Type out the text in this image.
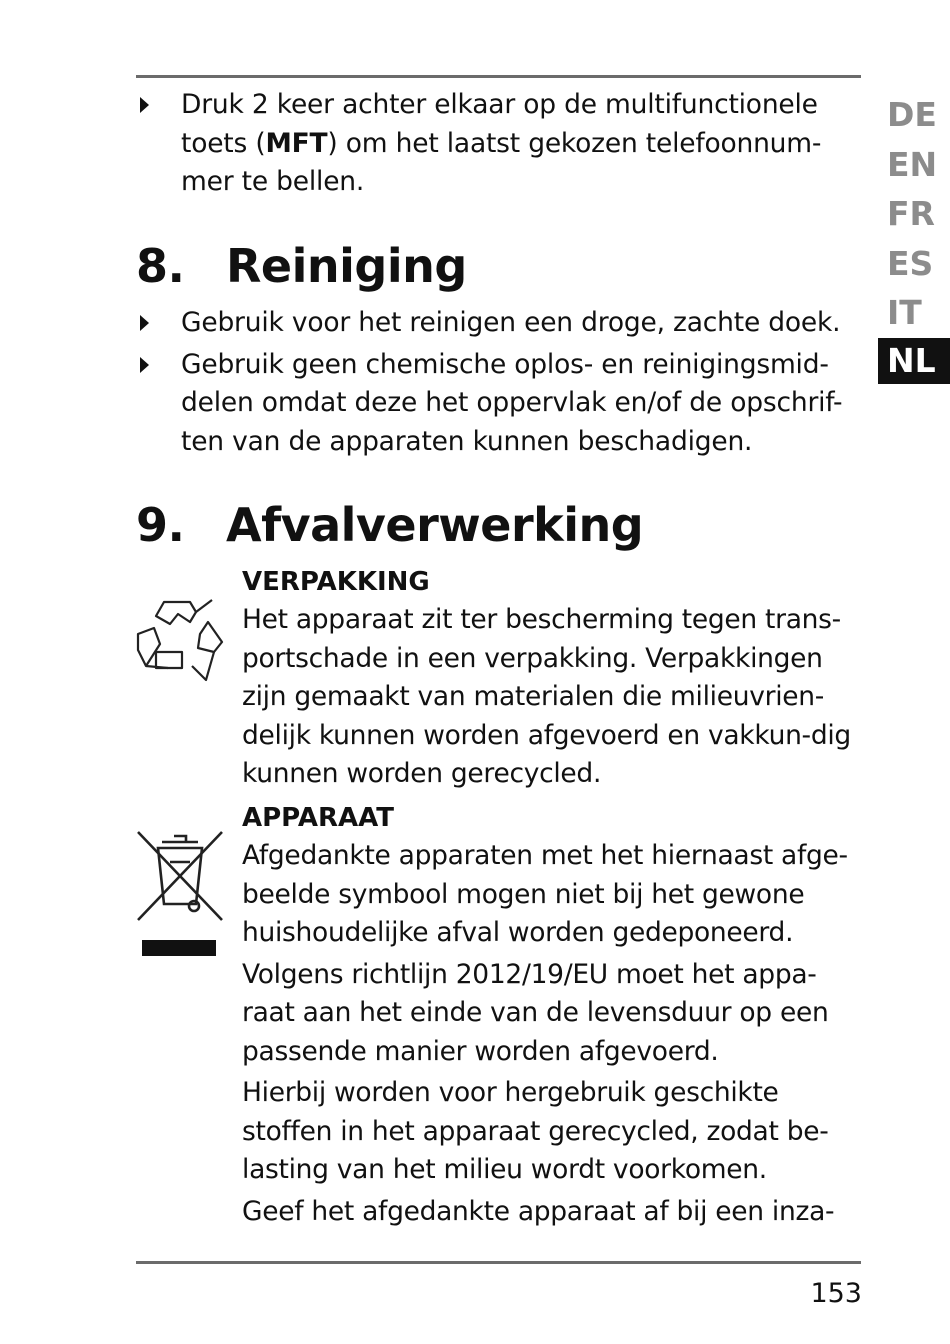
Druk 2 keer achter elkaar op de multifunctionele toets (MFT) om het laatst gekozen telefoonnum-mer te bellen.
8. Reiniging
Gebruik voor het reinigen een droge, zachte doek.
Gebruik geen chemische oplos- en reinigingsmid-delen omdat deze het oppervlak en/of de opschrif-ten van de apparaten kunnen beschadigen.
9. Afvalverwerking
VERPAKKING

Het apparaat zit ter bescherming tegen trans-portschade in een verpakking. Verpakkingen zijn gemaakt van materialen die milieuvrien-delijk kunnen worden afgevoerd en vakkun-dig kunnen worden gerecycled.

APPARAAT

Afgedankte apparaten met het hiernaast afge-beelde symbool mogen niet bij het gewone huishoudelijke afval worden gedeponeerd.

Volgens richtlijn 2012/19/EU moet het appa-raat aan het einde van de levensduur op een passende manier worden afgevoerd.

Hierbij worden voor hergebruik geschikte stoffen in het apparaat gerecycled, zodat be-lasting van het milieu wordt voorkomen.

Geef het afgedankte apparaat af bij een inza-

DE
EN
FR
ES
IT
NL
153
